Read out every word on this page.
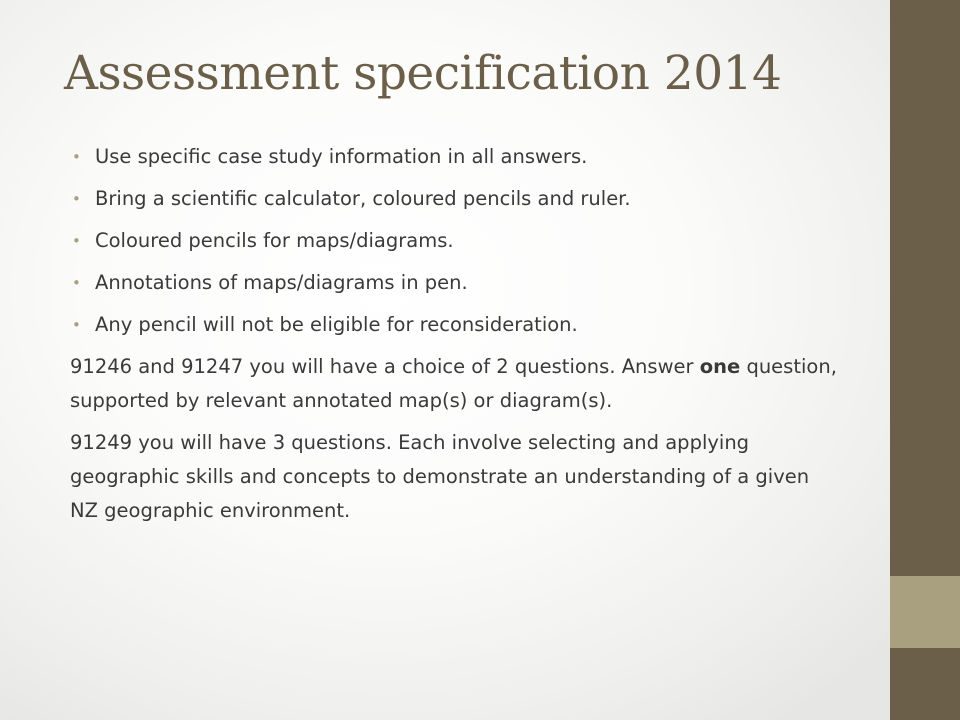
Assessment specification 2014
• Use specific case study information in all answers.
• Bring a scientific calculator, coloured pencils and ruler.
• Coloured pencils for maps/diagrams.
• Annotations of maps/diagrams in pen.
• Any pencil will not be eligible for reconsideration.

91246 and 91247 you will have a choice of 2 questions. Answer one question, supported by relevant annotated map(s) or diagram(s).

91249 you will have 3 questions. Each involve selecting and applying geographic skills and concepts to demonstrate an understanding of a given NZ geographic environment.
